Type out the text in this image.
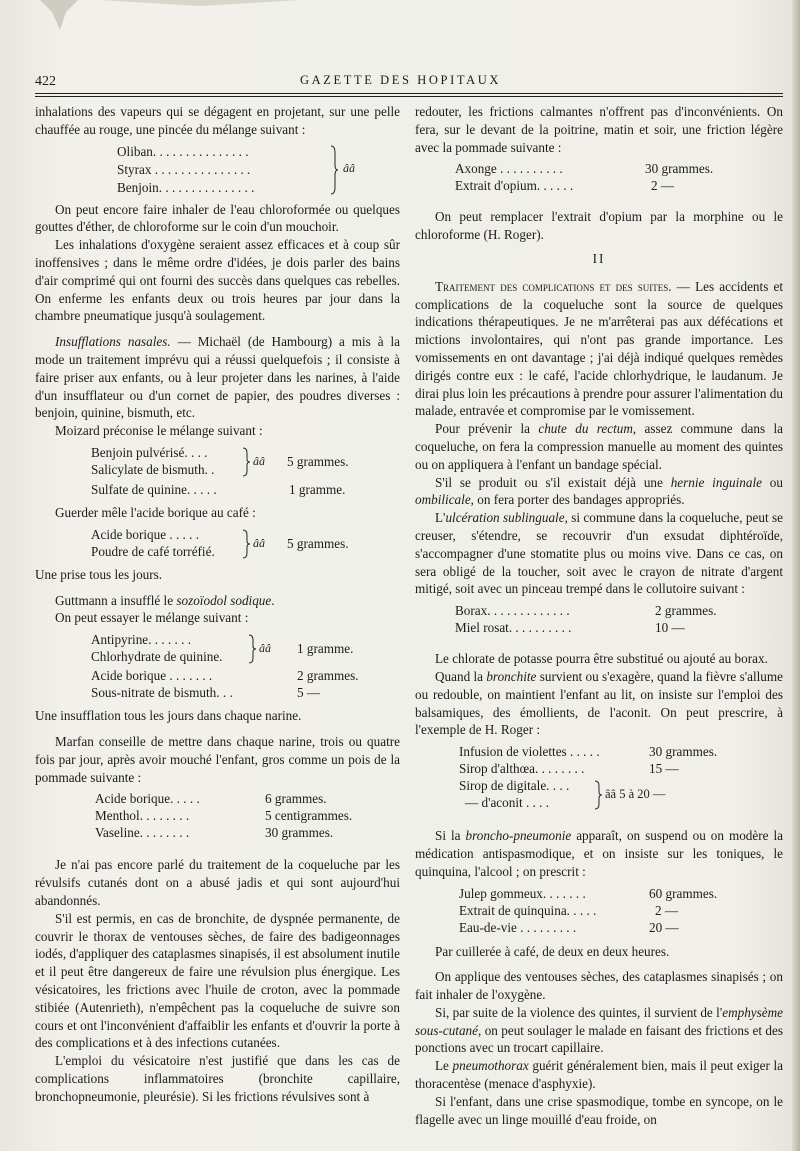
422	GAZETTE DES HOPITAUX

inhalations des vapeurs qui se dégagent en projetant, sur une pelle chauffée au rouge, une pincée du mélange suivant :

Oliban. . . . . . . . . . . . . . .
Styrax . . . . . . . . . . . . . . .
Benjoin. . . . . . . . . . . . . . .
ââ

On peut encore faire inhaler de l'eau chloroformée ou quelques gouttes d'éther, de chloroforme sur le coin d'un mouchoir.

Les inhalations d'oxygène seraient assez efficaces et à coup sûr inoffensives ; dans le même ordre d'idées, je dois parler des bains d'air comprimé qui ont fourni des succès dans quelques cas rebelles. On enferme les enfants deux ou trois heures par jour dans la chambre pneumatique jusqu'à soulagement.

Insufflations nasales. — Michaël (de Hambourg) a mis à la mode un traitement imprévu qui a réussi quelquefois ; il consiste à faire priser aux enfants, ou à leur projeter dans les narines, à l'aide d'un insufflateur ou d'un cornet de papier, des poudres diverses : benjoin, quinine, bismuth, etc.

Moizard préconise le mélange suivant :

Benjoin pulvérisé. . . .
Salicylate de bismuth. .
ââ 5 grammes.
Sulfate de quinine. . . . .	1 gramme.

Guerder mêle l'acide borique au café :

Acide borique . . . . .
Poudre de café torréfié.
ââ 5 grammes.

Une prise tous les jours.

Guttmann a insufflé le sozoïodol sodique.

On peut essayer le mélange suivant :

Antipyrine. . . . . . .
Chlorhydrate de quinine.
ââ 1 gramme.
Acide borique . . . . . . .	2 grammes.
Sous-nitrate de bismuth. . .	5 —

Une insufflation tous les jours dans chaque narine.

Marfan conseille de mettre dans chaque narine, trois ou quatre fois par jour, après avoir mouché l'enfant, gros comme un pois de la pommade suivante :

Acide borique. . . . .	6 grammes.
Menthol. . . . . . . .	5 centigrammes.
Vaseline. . . . . . . .	30 grammes.

Je n'ai pas encore parlé du traitement de la coqueluche par les révulsifs cutanés dont on a abusé jadis et qui sont aujourd'hui abandonnés.

S'il est permis, en cas de bronchite, de dyspnée permanente, de couvrir le thorax de ventouses sèches, de faire des badigeonnages iodés, d'appliquer des cataplasmes sinapisés, il est absolument inutile et il peut être dangereux de faire une révulsion plus énergique. Les vésicatoires, les frictions avec l'huile de croton, avec la pommade stibiée (Autenrieth), n'empêchent pas la coqueluche de suivre son cours et ont l'inconvénient d'affaiblir les enfants et d'ouvrir la porte à des complications et à des infections cutanées.

L'emploi du vésicatoire n'est justifié que dans les cas de complications inflammatoires (bronchite capillaire, bronchopneumonie, pleurésie). Si les frictions révulsives sont à

redouter, les frictions calmantes n'offrent pas d'inconvénients. On fera, sur le devant de la poitrine, matin et soir, une friction légère avec la pommade suivante :

Axonge . . . . . . . . . .	30 grammes.
Extrait d'opium. . . . . .	2 —

On peut remplacer l'extrait d'opium par la morphine ou le chloroforme (H. Roger).

II

Traitement des complications et des suites. — Les accidents et complications de la coqueluche sont la source de quelques indications thérapeutiques. Je ne m'arrêterai pas aux défécations et mictions involontaires, qui n'ont pas grande importance. Les vomissements en ont davantage ; j'ai déjà indiqué quelques remèdes dirigés contre eux : le café, l'acide chlorhydrique, le laudanum. Je dirai plus loin les précautions à prendre pour assurer l'alimentation du malade, entravée et compromise par le vomissement.

Pour prévenir la chute du rectum, assez commune dans la coqueluche, on fera la compression manuelle au moment des quintes ou on appliquera à l'enfant un bandage spécial.

S'il se produit ou s'il existait déjà une hernie inguinale ou ombilicale, on fera porter des bandages appropriés.

L'ulcération sublinguale, si commune dans la coqueluche, peut se creuser, s'étendre, se recouvrir d'un exsudat diphtéroïde, s'accompagner d'une stomatite plus ou moins vive. Dans ce cas, on sera obligé de la toucher, soit avec le crayon de nitrate d'argent mitigé, soit avec un pinceau trempé dans le collutoire suivant :

Borax. . . . . . . . . . . . .	2 grammes.
Miel rosat. . . . . . . . . .	10 —

Le chlorate de potasse pourra être substitué ou ajouté au borax.

Quand la bronchite survient ou s'exagère, quand la fièvre s'allume ou redouble, on maintient l'enfant au lit, on insiste sur l'emploi des balsamiques, des émollients, de l'aconit. On peut prescrire, à l'exemple de H. Roger :

Infusion de violettes . . . . .	30 grammes.
Sirop d'althœa. . . . . . . .	15 —
Sirop de digitale. . . .
— d'aconit . . . .
ââ 5 à 20 —

Si la broncho-pneumonie apparaît, on suspend ou on modère la médication antispasmodique, et on insiste sur les toniques, le quinquina, l'alcool ; on prescrit :

Julep gommeux. . . . . . .	60 grammes.
Extrait de quinquina. . . . .	2 —
Eau-de-vie . . . . . . . . .	20 —

Par cuillerée à café, de deux en deux heures.

On applique des ventouses sèches, des cataplasmes sinapisés ; on fait inhaler de l'oxygène.

Si, par suite de la violence des quintes, il survient de l'emphysème sous-cutané, on peut soulager le malade en faisant des frictions et des ponctions avec un trocart capillaire.

Le pneumothorax guérit généralement bien, mais il peut exiger la thoracentèse (menace d'asphyxie).

Si l'enfant, dans une crise spasmodique, tombe en syncope, on le flagelle avec un linge mouillé d'eau froide, on
